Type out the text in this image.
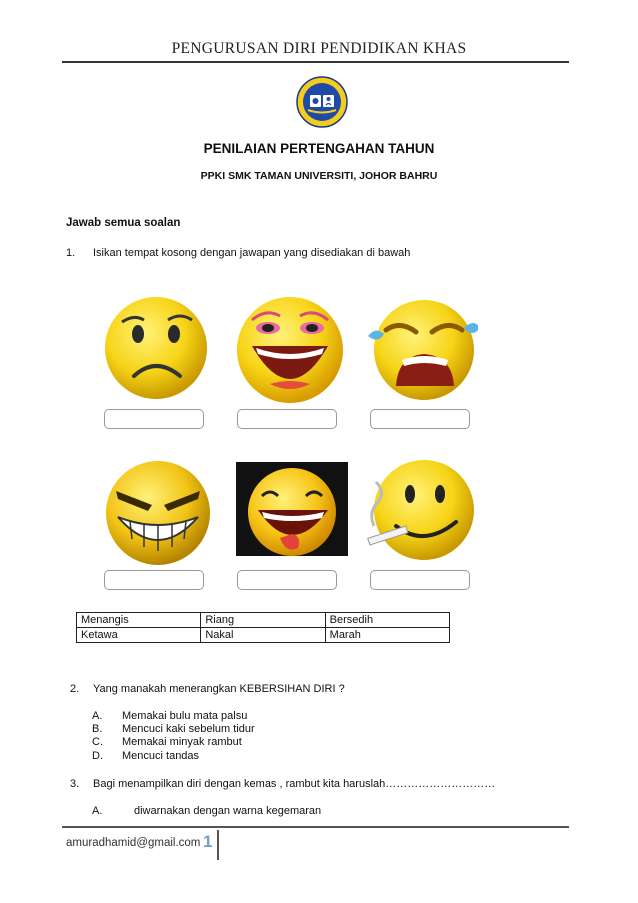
PENGURUSAN DIRI PENDIDIKAN KHAS
PENILAIAN PERTENGAHAN TAHUN
PPKI SMK TAMAN UNIVERSITI, JOHOR BAHRU
Jawab semua soalan
1. Isikan tempat kosong dengan jawapan yang disediakan di bawah
Menangis	Riang	Bersedih
Ketawa	Nakal	Marah
2. Yang manakah menerangkan KEBERSIHAN DIRI ?
A. Memakai bulu mata palsu
B. Mencuci kaki sebelum tidur
C. Memakai minyak rambut
D. Mencuci tandas
3. Bagi menampilkan diri dengan kemas , rambut kita haruslah…………………………
A.	diwarnakan dengan warna kegemaran
amuradhamid@gmail.com 1
